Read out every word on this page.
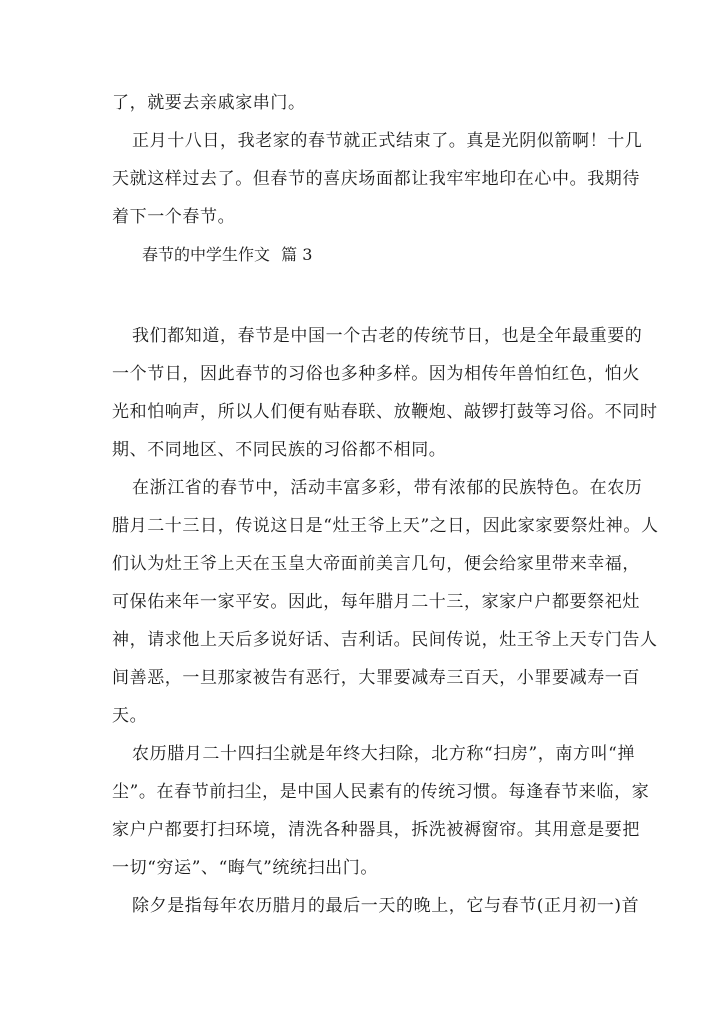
了，就要去亲戚家串门。
正月十八日，我老家的春节就正式结束了。真是光阴似箭啊！十几
天就这样过去了。但春节的喜庆场面都让我牢牢地印在心中。我期待
着下一个春节。
春节的中学生作文 篇 3
我们都知道，春节是中国一个古老的传统节日，也是全年最重要的
一个节日，因此春节的习俗也多种多样。因为相传年兽怕红色，怕火
光和怕响声，所以人们便有贴春联、放鞭炮、敲锣打鼓等习俗。不同时
期、不同地区、不同民族的习俗都不相同。
在浙江省的春节中，活动丰富多彩，带有浓郁的民族特色。在农历
腊月二十三日，传说这日是“灶王爷上天”之日，因此家家要祭灶神。人
们认为灶王爷上天在玉皇大帝面前美言几句，便会给家里带来幸福，
可保佑来年一家平安。因此，每年腊月二十三，家家户户都要祭祀灶
神，请求他上天后多说好话、吉利话。民间传说，灶王爷上天专门告人
间善恶，一旦那家被告有恶行，大罪要减寿三百天，小罪要减寿一百
天。
农历腊月二十四扫尘就是年终大扫除，北方称“扫房”，南方叫“掸
尘”。在春节前扫尘，是中国人民素有的传统习惯。每逢春节来临，家
家户户都要打扫环境，清洗各种器具，拆洗被褥窗帘。其用意是要把
一切“穷运”、“晦气”统统扫出门。
除夕是指每年农历腊月的最后一天的晚上，它与春节(正月初一)首
